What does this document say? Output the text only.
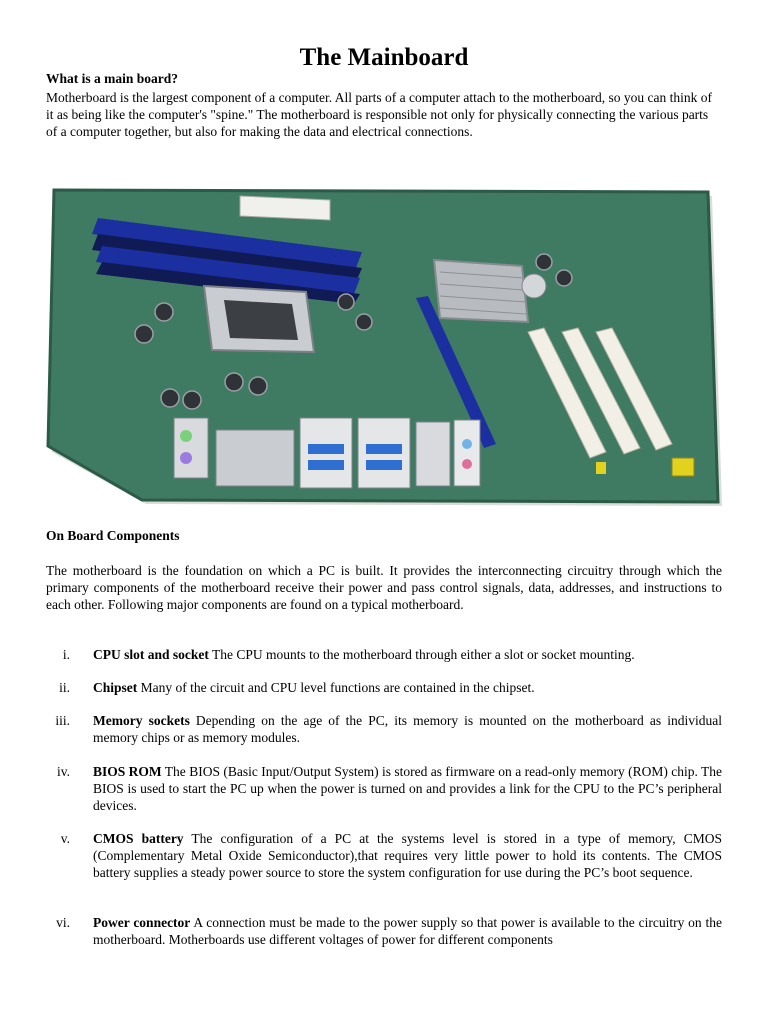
The Mainboard
What is a main board?

Motherboard is the largest component of a computer. All parts of a computer attach to the motherboard, so you can think of it as being like the computer's "spine." The motherboard is responsible not only for physically connecting the various parts of a computer together, but also for making the data and electrical connections.

On Board Components

The motherboard is the foundation on which a PC is built. It provides the interconnecting circuitry through which the primary components of the motherboard receive their power and pass control signals, data, addresses, and instructions to each other. Following major components are found on a typical motherboard.

i. CPU slot and socket The CPU mounts to the motherboard through either a slot or socket mounting.
ii. Chipset Many of the circuit and CPU level functions are contained in the chipset.
iii. Memory sockets Depending on the age of the PC, its memory is mounted on the motherboard as individual memory chips or as memory modules.
iv. BIOS ROM The BIOS (Basic Input/Output System) is stored as firmware on a read-only memory (ROM) chip. The BIOS is used to start the PC up when the power is turned on and provides a link for the CPU to the PC’s peripheral devices.
v. CMOS battery The configuration of a PC at the systems level is stored in a type of memory, CMOS (Complementary Metal Oxide Semiconductor),that requires very little power to hold its contents. The CMOS battery supplies a steady power source to store the system configuration for use during the PC’s boot sequence.
vi. Power connector A connection must be made to the power supply so that power is available to the circuitry on the motherboard. Motherboards use different voltages of power for different components
